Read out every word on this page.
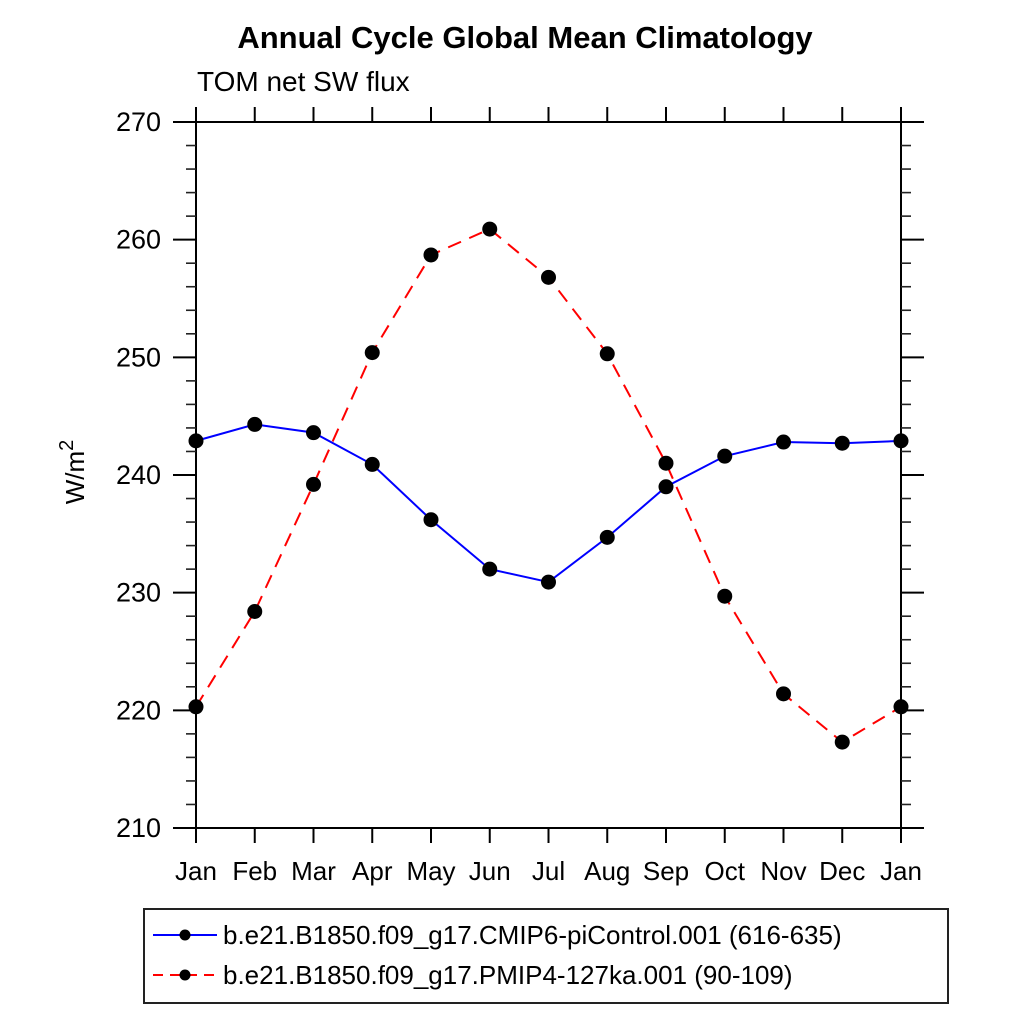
Annual Cycle Global Mean Climatology
TOM net SW flux
210
220
230
240
250
260
270
Jan Feb Mar Apr May Jun Jul Aug Sep Oct Nov Dec Jan
$W/m^2$
b.e21.B1850.f09_g17.CMIP6-piControl.001 (616-635)
b.e21.B1850.f09_g17.PMIP4-127ka.001 (90-109)
